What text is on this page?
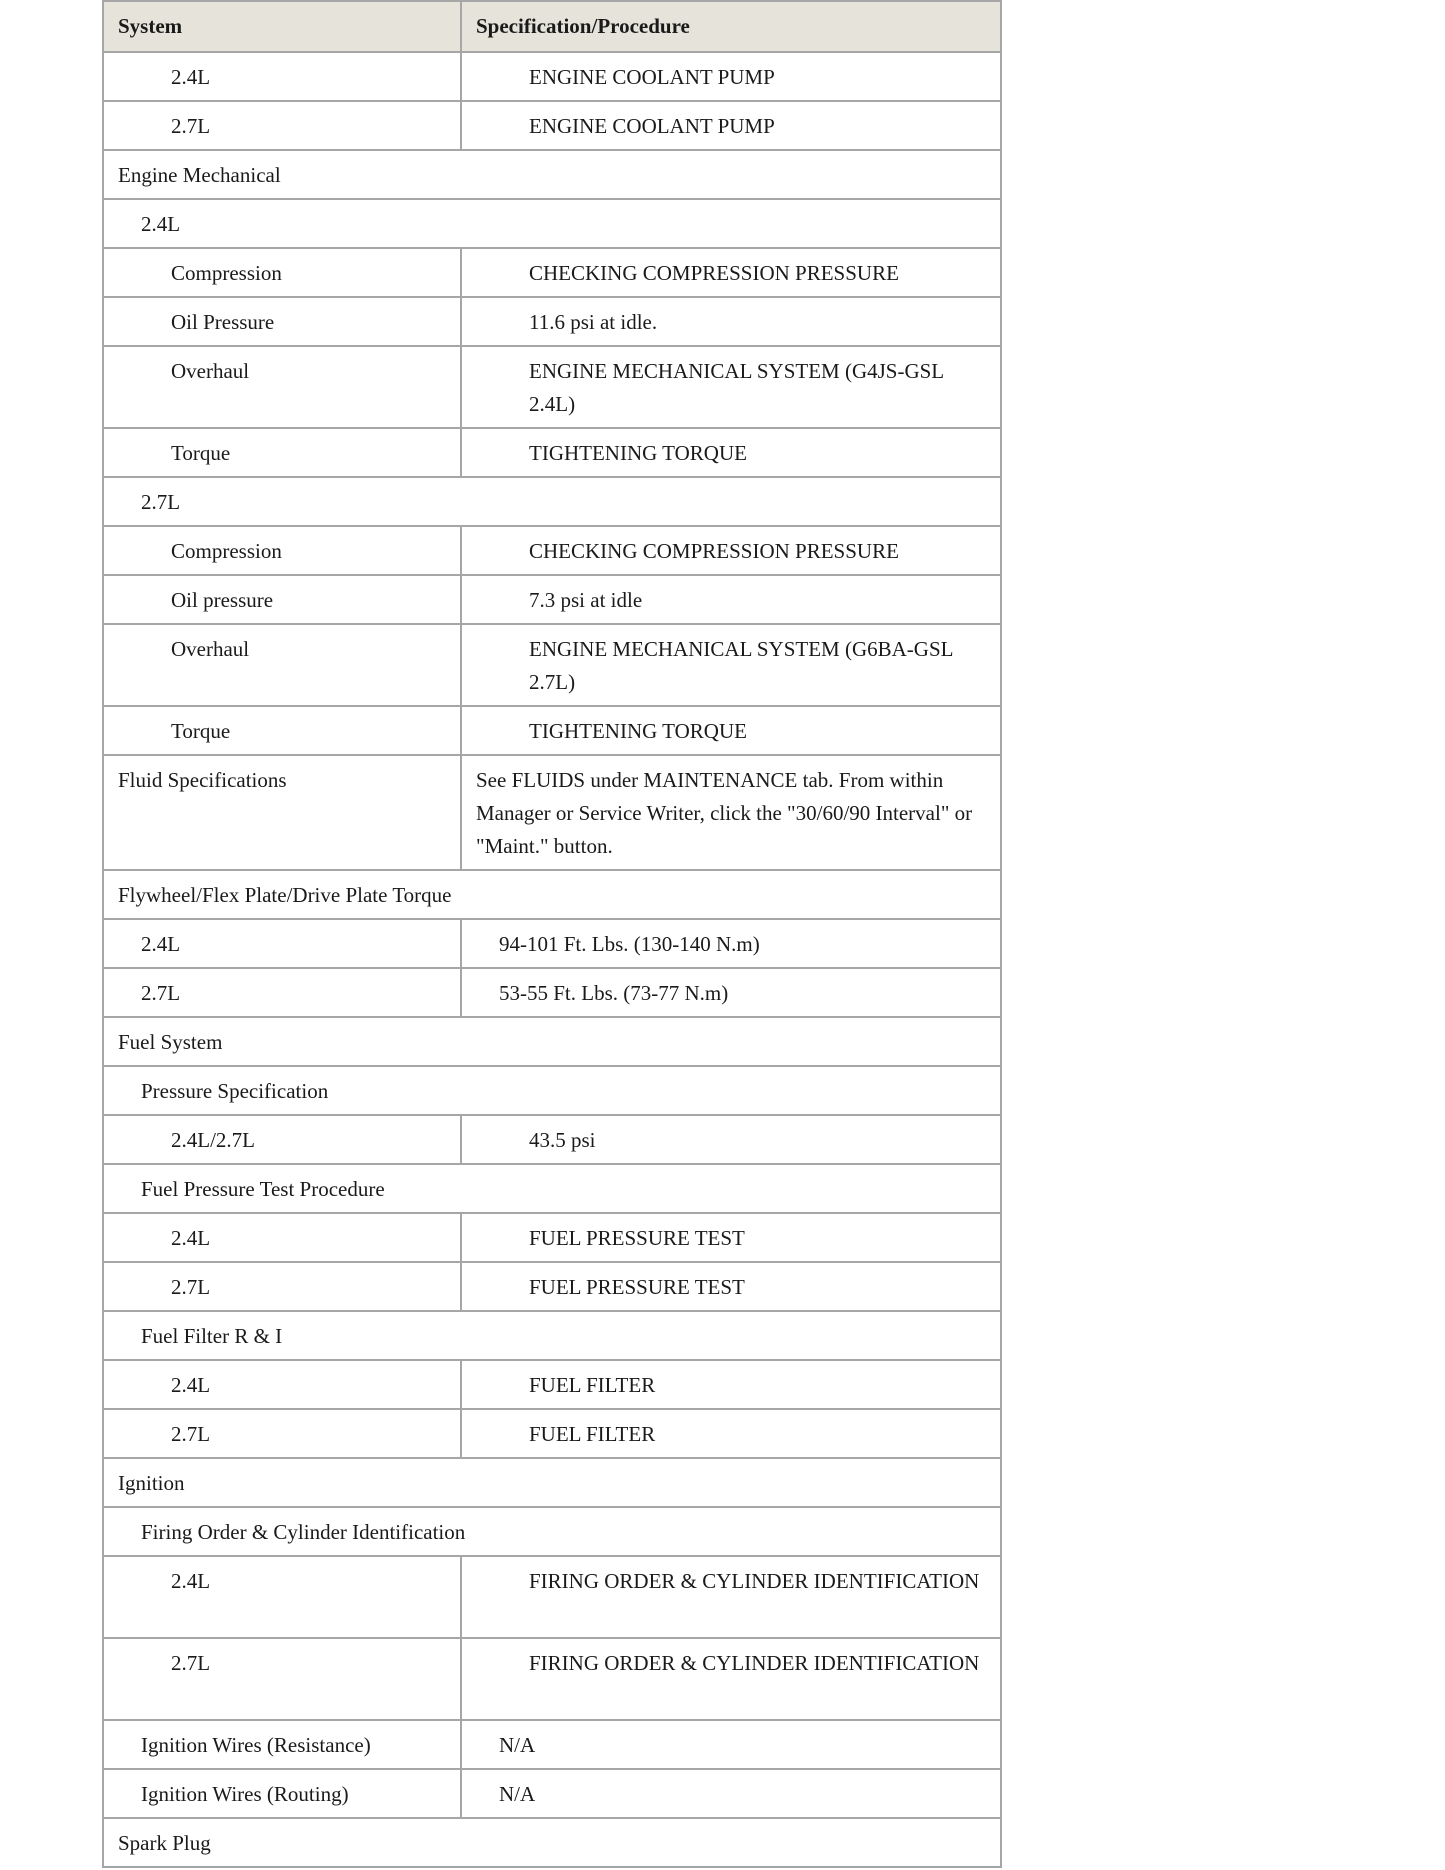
System	Specification/Procedure

2.4L	ENGINE COOLANT PUMP

2.7L	ENGINE COOLANT PUMP

Engine Mechanical	

2.4L	

Compression	CHECKING COMPRESSION PRESSURE

Oil Pressure	11.6 psi at idle.

Overhaul	ENGINE MECHANICAL SYSTEM (G4JS-GSL 2.4L)

Torque	TIGHTENING TORQUE

2.7L	

Compression	CHECKING COMPRESSION PRESSURE

Oil pressure	7.3 psi at idle

Overhaul	ENGINE MECHANICAL SYSTEM (G6BA-GSL 2.7L)

Torque	TIGHTENING TORQUE

Fluid Specifications	See FLUIDS under MAINTENANCE tab. From within Manager or Service Writer, click the "30/60/90 Interval" or "Maint." button.

Flywheel/Flex Plate/Drive Plate Torque	

2.4L	94-101 Ft. Lbs. (130-140 N.m)

2.7L	53-55 Ft. Lbs. (73-77 N.m)

Fuel System	

Pressure Specification	

2.4L/2.7L	43.5 psi

Fuel Pressure Test Procedure	

2.4L	FUEL PRESSURE TEST

2.7L	FUEL PRESSURE TEST

Fuel Filter R & I	

2.4L	FUEL FILTER

2.7L	FUEL FILTER

Ignition	

Firing Order & Cylinder Identification	

2.4L	FIRING ORDER & CYLINDER IDENTIFICATION

2.7L	FIRING ORDER & CYLINDER IDENTIFICATION

Ignition Wires (Resistance)	N/A

Ignition Wires (Routing)	N/A

Spark Plug	
